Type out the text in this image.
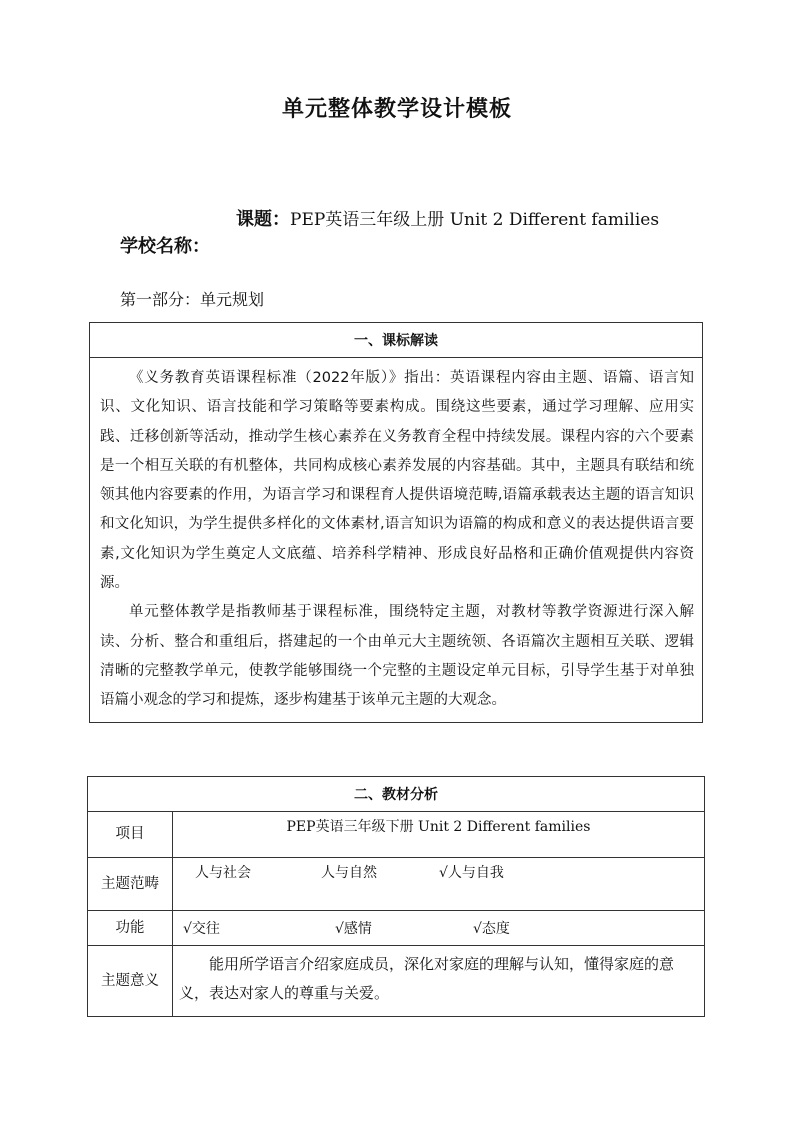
单元整体教学设计模板
课题：PEP英语三年级上册 Unit 2 Different families
学校名称：
第一部分：单元规划
一、课标解读

《义务教育英语课程标准（2022年版）》指出：英语课程内容由主题、语篇、语言知识、文化知识、语言技能和学习策略等要素构成。围绕这些要素，通过学习理解、应用实践、迁移创新等活动，推动学生核心素养在义务教育全程中持续发展。课程内容的六个要素是一个相互关联的有机整体，共同构成核心素养发展的内容基础。其中，主题具有联结和统领其他内容要素的作用，为语言学习和课程育人提供语境范畴,语篇承载表达主题的语言知识和文化知识，为学生提供多样化的文体素材,语言知识为语篇的构成和意义的表达提供语言要素,文化知识为学生奠定人文底蕴、培养科学精神、形成良好品格和正确价值观提供内容资源。

单元整体教学是指教师基于课程标准，围绕特定主题，对教材等教学资源进行深入解读、分析、整合和重组后，搭建起的一个由单元大主题统领、各语篇次主题相互关联、逻辑清晰的完整教学单元，使教学能够围绕一个完整的主题设定单元目标，引导学生基于对单独语篇小观念的学习和提炼，逐步构建基于该单元主题的大观念。

二、教材分析	
项目	PEP英语三年级下册 Unit 2 Different families
主题范畴	人与社会 人与自然 √人与自我
功能	√交往 √感情 √态度
主题意义	能用所学语言介绍家庭成员，深化对家庭的理解与认知，懂得家庭的意义，表达对家人的尊重与关爱。
